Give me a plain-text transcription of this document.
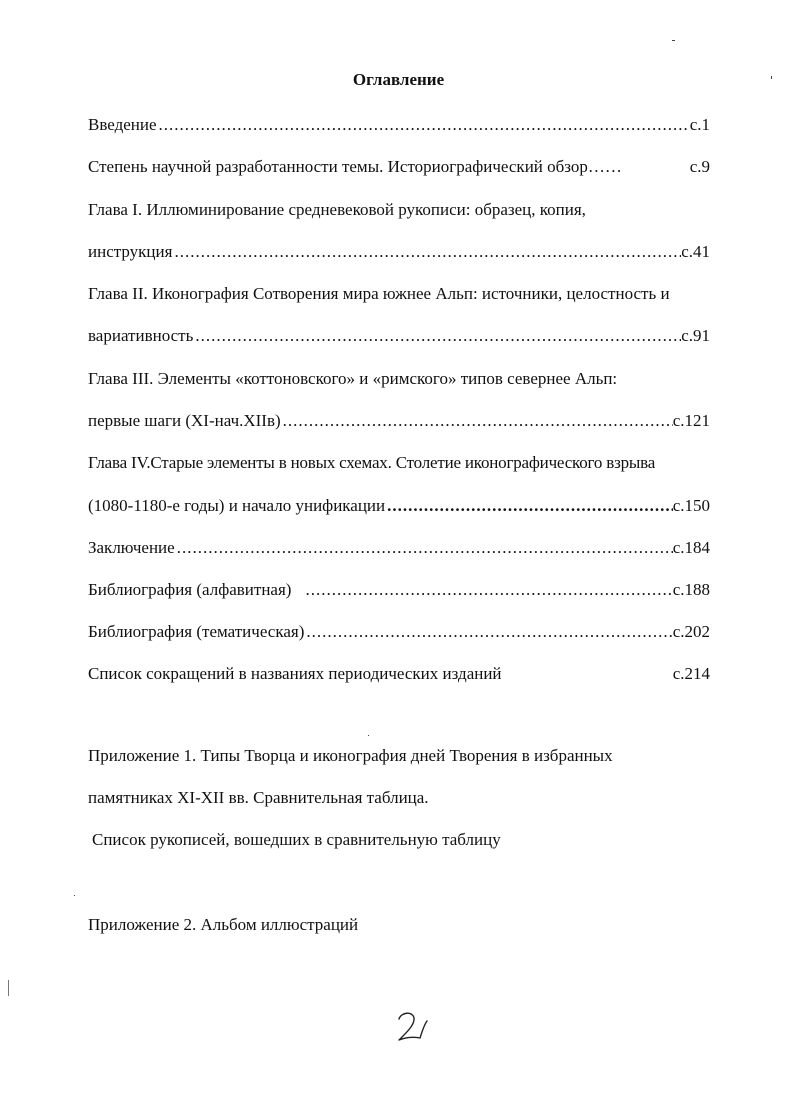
Оглавление
Введение .....	с.1
Степень научной разработанности темы. Историографический обзор……	с.9
Глава I. Иллюминирование средневековой рукописи: образец, копия,
инструкция .....	с.41
Глава II. Иконография Сотворения мира южнее Альп: источники, целостность и
вариативность .....	с.91
Глава III. Элементы «коттоновского» и «римского» типов севернее Альп:
первые шаги (XI-нач.XIIв) .....	с.121
Глава IV.Старые элементы в новых схемах. Столетие иконографического взрыва
(1080-1180-е годы) и начало унификации .....	с.150
Заключение .....	с.184
Библиография (алфавитная) .....	с.188
Библиография (тематическая) .....	с.202
Список сокращений в названиях периодических изданий	с.214
Приложение 1. Типы Творца и иконография дней Творения в избранных
памятниках XI-XII вв. Сравнительная таблица.
Список рукописей, вошедших в сравнительную таблицу
Приложение 2. Альбом иллюстраций
